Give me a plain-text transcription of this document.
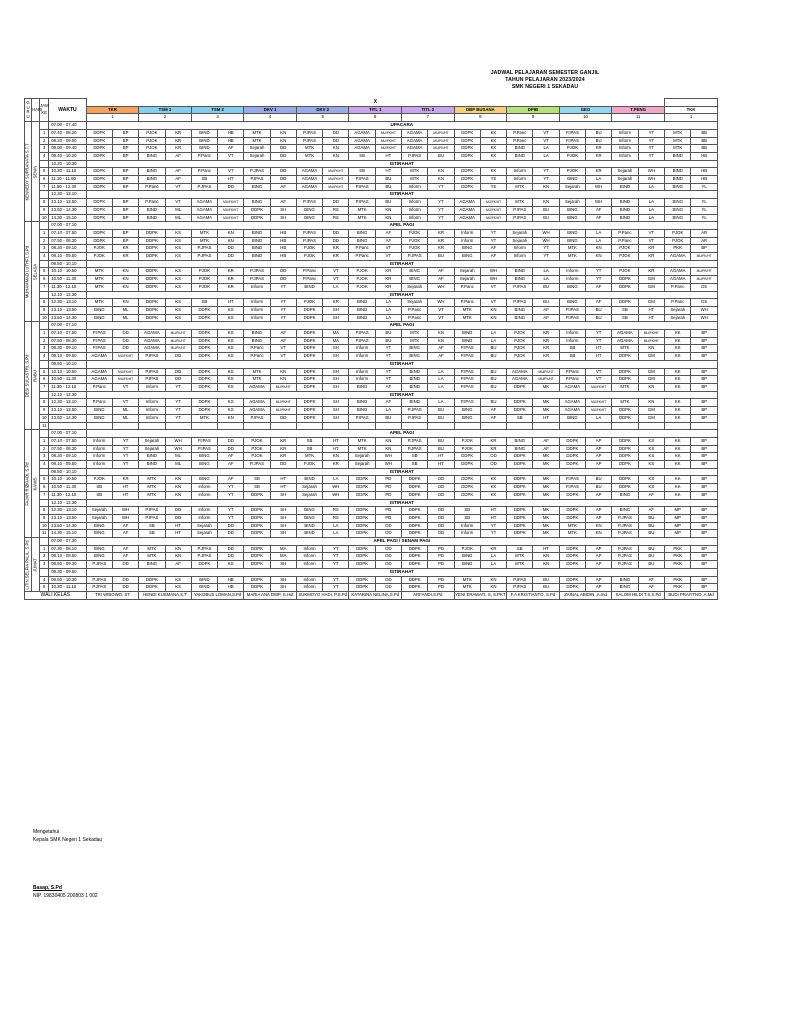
JADWAL PELAJARAN SEMESTER GANJIL
TAHUN PELAJARAN 2023/2024
SMK NEGERI 1 SEKADAU
G U R U	HARI	JAM KE	WAKTU	X																							
				TKR		TSM 1		TSM 2		DKV 1		DKV 2		TITL 1		TITL 2		DBP BUSANA		DPIB		GEO		T.PENG		TKK	
				1		2		3		4		5		6		7		8		9		10		11		1	

KENNEDY SUPRANATA S.T.T	SENIN		07.00 - 07.40	UPACARA																							
		1	07.40 - 08.20	DDPK	BP	PJOK	KR	BIND	HB	MTK	KN	P.IPAS	DD	AGAMA	MU/FK/HT	AGAMA	MU/FK/HT	DDPK	KK	P.Panc	VT	P.IPAS	BU	Inform	YT	MTK	BB
		2	08.20 - 09.00	DDPK	BP	PJOK	KR	BIND	HB	MTK	KN	P.IPAS	DD	AGAMA	MU/FK/HT	AGAMA	MU/FK/HT	DDPK	KK	P.Panc	VT	P.IPAS	BU	Inform	YT	MTK	BB
		3	09.00 - 09.40	DDPK	BP	PJOK	KR	BIND	AF	Sejarah	DD	MTK	KN	AGAMA	MU/FK/HT	AGAMA	MU/FK/HT	DDPK	KK	BIND	LA	PJOK	KR	Inform	YT	MTK	BB
		4	09.40 - 10.20	DDPK	BP	BING	AF	P.Panc	VT	Sejarah	DD	MTK	KN	SB	HT	P.IPAS	BU	DDPK	KK	BIND	LA	PJOK	KR	Inform	YT	BIND	HB
			10.20 - 10.30	ISTIRAHAT																							
		5	10.30 - 11.10	DDPK	BP	BING	AF	P.Panc	VT	P.JPAS	DD	AGAMA	MU/FK/HT	SB	HT	MTK	KN	DDPK	KK	Inform	YT	PJOK	KR	Sejarah	WH	BIND	HB
		6	11.10 - 11.50	DDPK	BP	BING	AF	SB	HT	P.IPAS	DD	AGAMA	MU/FK/HT	P.IPAS	BU	MTK	KN	DDPK	YE	Inform	YT	BIND	LA	Sejarah	WH	BIND	HB
		7	11.50 - 12.30	DDPK	BP	P.Panc	VT	P.JPAS	DD	BING	AF	AGAMA	MU/FK/HT	P.IPAS	BU	Inform	YT	DDPK	YE	MTK	KN	Sejarah	WH	BIND	LA	BING	YL
			12.30 - 13.10	ISTIRAHAT																							
		8	13.10 - 13.50	DDPK	BP	P.Panc	VT	AGAMA	MU/FK/HT	BING	AF	P.IPAS	DD	P.IPAS	BU	Inform	YT	AGAMA	MU/FK/HT	MTK	KN	Sejarah	WH	BIND	LA	BING	YL
		9	13.50 - 14.30	DDPK	BP	BIND	ML	AGAMA	MU/FK/HT	DDPK	SH	BING	RS	MTK	KN	Inform	YT	AGAMA	MU/FK/HT	P.IPAS	BU	BING	AF	BIND	LA	BING	YL
		10	14.30 - 15.10	DDPK	BP	BIND	ML	AGAMA	MU/FK/HT	DDPK	SH	BING	RS	MTK	KN	Inform	YT	AGAMA	MU/FK/HT	P.IPAS	BU	BING	AF	BIND	LA	BING	YL

MUHAMMAD LUTHFI, S.Pd	SELASA		07.00 - 07.10	APEL PAGI																							
		1	07.10 - 07.50	DDPK	BP	DDPK	KS	MTK	KN	BIND	HB	P.IPAS	DD	BING	AF	PJOK	KR	Inform	YT	Sejarah	WH	BIND	LA	P.Panc	VT	PJOK	AR
		2	07.50 - 08.30	DDPK	BP	DDPK	KS	MTK	KN	BIND	HB	P.IPAS	DD	BING	AF	PJOK	KR	Inform	YT	Sejarah	WH	BIND	LA	P.Panc	VT	PJOK	AR
		3	08.30 - 09.10	PJOK	KR	DDPK	KS	P.JPAS	DD	BIND	HB	PJOK	KR	P.Panc	VT	PJOK	KR	BING	AF	Inform	YT	MTK	KN	PJOK	KR	PKK	BP
		4	09.10 - 09.50	PJOK	KR	DDPK	KS	P.JPAS	DD	BIND	HB	PJOK	KR	P.Panc	VT	P.JPAS	BU	BING	AF	Inform	YT	MTK	KN	PJOK	KR	AGAMA	MU/FK/HT
			09.50 - 10.10	ISTIRAHAT																							
		5	10.10 - 10.50	MTK	KN	DDPK	KS	PJOK	KR	P.JPAS	DD	P.Panc	VT	PJOK	KR	BING	AF	Sejarah	WH	BIND	LA	Inform	YT	PJOK	KR	AGAMA	MU/FK/HT
		6	10.50 - 11.30	MTK	KN	DDPK	KS	PJOK	KR	P.JPAS	DD	P.Panc	VT	PJOK	KR	BING	AF	Sejarah	WH	BIND	LA	Inform	YT	DDPK	GM	AGAMA	MU/FK/HT
		7	11.30 - 12.10	MTK	KN	DDPK	KS	PJOK	KR	Inform	YT	BIND	LA	PJOK	KR	Sejarah	WH	P.Panc	VT	P.IPAS	BU	BING	AF	DDPK	GM	P.Panc	DS
			12.10 - 12.30	ISTIRAHAT																							
		8	12.30 - 13.10	MTK	KN	DDPK	KS	SB	HT	Inform	YT	PJOK	KR	BIND	LA	Sejarah	WH	P.Panc	VT	P.IPAS	BU	BING	AF	DDPK	GM	P.Panc	DS
		9	13.10 - 13.50	BIND	ML	DDPK	KS	DDPK	KS	Inform	YT	DDPK	SH	BIND	LA	P.Panc	VT	MTK	KN	BING	AF	P.IPAS	BU	SB	HT	Sejarah	WH
		10	13.50 - 14.30	BIND	ML	DDPK	KS	DDPK	KS	Inform	YT	DDPK	SH	BIND	LA	P.Panc	VT	MTK	KN	BING	AF	P.IPAS	BU	SB	HT	Sejarah	WH

DESI SULASTRI, S.Pd	RABU		07.00 - 07.10	APEL PAGI																							
		1	07.10 - 07.50	P.IPAS	DD	AGAMA	MU/FK/HT	DDPK	KS	BING	AF	DDPK	MA	P.IPAS	BU	MTK	KN	BIND	LA	PJOK	KR	Inform	YT	AGAMA	MU/FK/HT	KK	BP
		2	07.50 - 08.30	P.IPAS	DD	AGAMA	MU/FK/HT	DDPK	KS	BING	AF	DDPK	MA	P.IPAS	BU	MTK	KN	BIND	LA	PJOK	KR	Inform	YT	AGAMA	MU/FK/HT	KK	BP
		3	08.30 - 09.10	P.IPAS	DD	AGAMA	MU/FK/HT	DDPK	KS	P.Panc	VT	DDPK	SH	Inform	YT	BING	AF	P.IPAS	BU	PJOK	KR	SB	HT	MTK	KN	KK	BP
		4	09.10 - 09.50	AGAMA	MU/FK/HT	P.IPAS	DD	DDPK	KS	P.Panc	VT	DDPK	SH	Inform	YT	BING	AF	P.IPAS	BU	PJOK	KR	SB	HT	DDPK	GM	KK	BP
			09.50 - 10.10	ISTIRAHAT																							
		5	10.10 - 10.50	AGAMA	MU/FK/HT	P.IPAS	DD	DDPK	KS	MTK	KN	DDPK	SH	Inform	YT	BIND	LA	P.IPAS	BU	AGAMA	MU/FK/HT	P.Panc	VT	DDPK	GM	KK	BP
		6	10.50 - 11.30	AGAMA	MU/FK/HT	P.IPAS	DD	DDPK	KS	MTK	KN	DDPK	SH	Inform	YT	BIND	LA	P.IPAS	BU	AGAMA	MU/FK/HT	P.Panc	VT	DDPK	GM	KK	BP
		7	11.30 - 12.10	P.Panc	VT	Inform	YT	DDPK	KS	AGAMA	MU/FK/HT	DDPK	SH	BING	AF	BIND	LA	P.IPAS	BU	DDPK	MK	AGAMA	MU/FK/HT	MTK	KN	KK	BP
			12.10 - 12.30	ISTIRAHAT																							
		8	12.30 - 13.10	P.Panc	VT	Inform	YT	DDPK	KS	AGAMA	MU/FK/HT	DDPK	SH	BING	AF	BIND	LA	P.IPAS	BU	DDPK	MK	AGAMA	MU/FK/HT	MTK	KN	KK	BP
		9	13.10 - 13.50	BIND	ML	Inform	YT	DDPK	KS	AGAMA	MU/FK/HT	DDPK	SH	BING	LA	P.JPAS	BU	BING	AF	DDPK	MK	AGAMA	MU/FK/HT	DDPK	GM	KK	BP
		10	13.50 - 14.30	BIND	ML	Inform	YT	MTK	KN	P.IPAS	DD	DDPK	SH	P.IPAS	BU	P.IPAS	BU	BING	AF	SB	HT	BIND	LA	DDPK	GM	KK	BP
		11																									

FAJAR RIZKIADI, S.Pd	KAMIS		07.00 - 07.10	APEL PAGI																							
		1	07.10 - 07.50	Inform	YT	Sejarah	WH	P.IPAS	DD	PJOK	KR	SB	HT	MTK	KN	P.JPAS	BU	PJOK	KR	BING	AF	DDPK	AP	DDPK	KS	KK	BP
		2	07.50 - 08.30	Inform	YT	Sejarah	WH	P.IPAS	DD	PJOK	KR	SB	HT	MTK	KN	P.JPAS	BU	PJOK	KR	BING	AF	DDPK	AP	DDPK	KS	KK	BP
		3	08.30 - 09.10	Inform	YT	BIND	ML	BING	AF	PJOK	KR	MTK	KN	Sejarah	WH	SB	HT	DDPK	OD	DDPK	MK	DDPK	AP	DDPK	KS	KK	BP
		4	09.10 - 09.50	Inform	YT	BIND	ML	BING	AF	P.JPAS	DD	PJOK	KR	Sejarah	WH	SB	HT	DDPK	OD	DDPK	MK	DDPK	AP	DDPK	KS	KK	BP
			09.50 - 10.10	ISTIRAHAT																							
		5	10.10 - 10.50	PJOK	KR	MTK	KN	BING	AF	SB	HT	BIND	LA	DDPK	PD	DDPK	OD	DDPK	KK	DDPK	MK	P.IPAS	BU	DDPK	KS	KK	BP
		6	10.50 - 11.30	SB	HT	MTK	KN	Inform	YT	SB	HT	Sejarah	WH	DDPK	PD	DDPK	OD	DDPK	KK	DDPK	MK	P.IPAS	BU	DDPK	KS	KK	BP
		7	11.30 - 12.10	SB	HT	MTK	KN	Inform	YT	DDPK	SH	Sejarah	WH	DDPK	PD	DDPK	OD	DDPK	KK	DDPK	MK	DDPK	AP	BING	AF	KK	BP
			12.10 - 12.30	ISTIRAHAT																							
		8	12.30 - 13.10	Sejarah	WH	P.IPAS	DD	Inform	YT	DDPK	SH	BING	RS	DDPK	PD	DDPK	OD	SB	HT	DDPK	MK	DDPK	AP	BING	AF	MP	BP
		9	13.10 - 13.50	Sejarah	WH	P.IPAS	DD	Inform	YT	DDPK	SH	BING	RS	DDPK	PD	DDPK	OD	SB	HT	DDPK	MK	DDPK	AP	P.JPAS	BU	MP	BP
		10	13.50 - 14.30	BING	AF	SB	HT	Sejarah	DD	DDPK	SH	BIND	LA	DDPK	OD	DDPK	OD	Inform	YT	DDPK	MK	MTK	KN	P.JPAS	BU	MP	BP
		11	14.30 - 15.10	BING	AF	SB	HT	Sejarah	DD	DDPK	SH	BIND	LA	DDPK	OD	DDPK	OD	Inform	YT	DDPK	MK	MTK	KN	P.JPAS	BU	MP	BP

LITIN SELFIA PALIL, S.Pd	JUMAT		07.00 - 07.30	APEL PAGI / SENAM PAGI																							
		1	07.30 - 08.10	BING	AF	MTK	KN	P.JPAS	DD	DDPK	MA	Inform	YT	DDPK	OD	DDPK	PD	PJOK	KR	SB	HT	DDPK	AP	P.JPAS	BU	PKK	BP
		2	08.10 - 08.50	BING	AF	MTK	KN	P.JPAS	DD	DDPK	MA	Inform	YT	DDPK	OD	DDPK	PD	BIND	LA	MTK	KN	DDPK	AP	P.JPAS	BU	PKK	BP
		3	08.50 - 09.30	P.JPAS	DD	BING	AF	DDPK	KS	DDPK	SH	Inform	YT	DDPK	OD	DDPK	PD	BIND	LA	MTK	KN	DDPK	AP	P.JPAS	BU	PKK	BP
			09.30 - 09.50	ISTIRAHAT																							
		4	09.50 - 10.30	P.JPAS	DD	DDPK	KS	BIND	HB	DDPK	SH	Inform	YT	DDPK	OD	DDPK	PD	MTK	KN	P.IPAS	BU	DDPK	AP	BING	AF	PKK	BP
		5	10.30 - 11.10	P.JPAS	DD	DDPK	KS	BIND	HB	DDPK	SH	Inform	YT	DDPK	OD	DDPK	PD	MTK	KN	P.IPAS	BU	DDPK	AP	BING	AF	PKK	BP
WALI KELAS				TRI WIBOWO, ST		HENDI KUSMANA,S.T		YAKOBUS LOMAN,S.Pd		MARIA ANA DWP, S.Hut		SUKMOYO HADI, P.S.Pd		KATARINA NELINA,S.Pd		ARFANDI,S.Pd		YENI ERAWATI, S, S.PKT		F.A KRISTIANTO, S.Pd		ZAINAL ABIDIN ,A.md		SALOM HILDI T.S,S.Pd		BUDI PRAYITNO, A.Md	
Mengetahui
Kepala SMK Negeri 1 Sekadau
Basap, S.Pd
NIP. 19830405 200803 1 002
